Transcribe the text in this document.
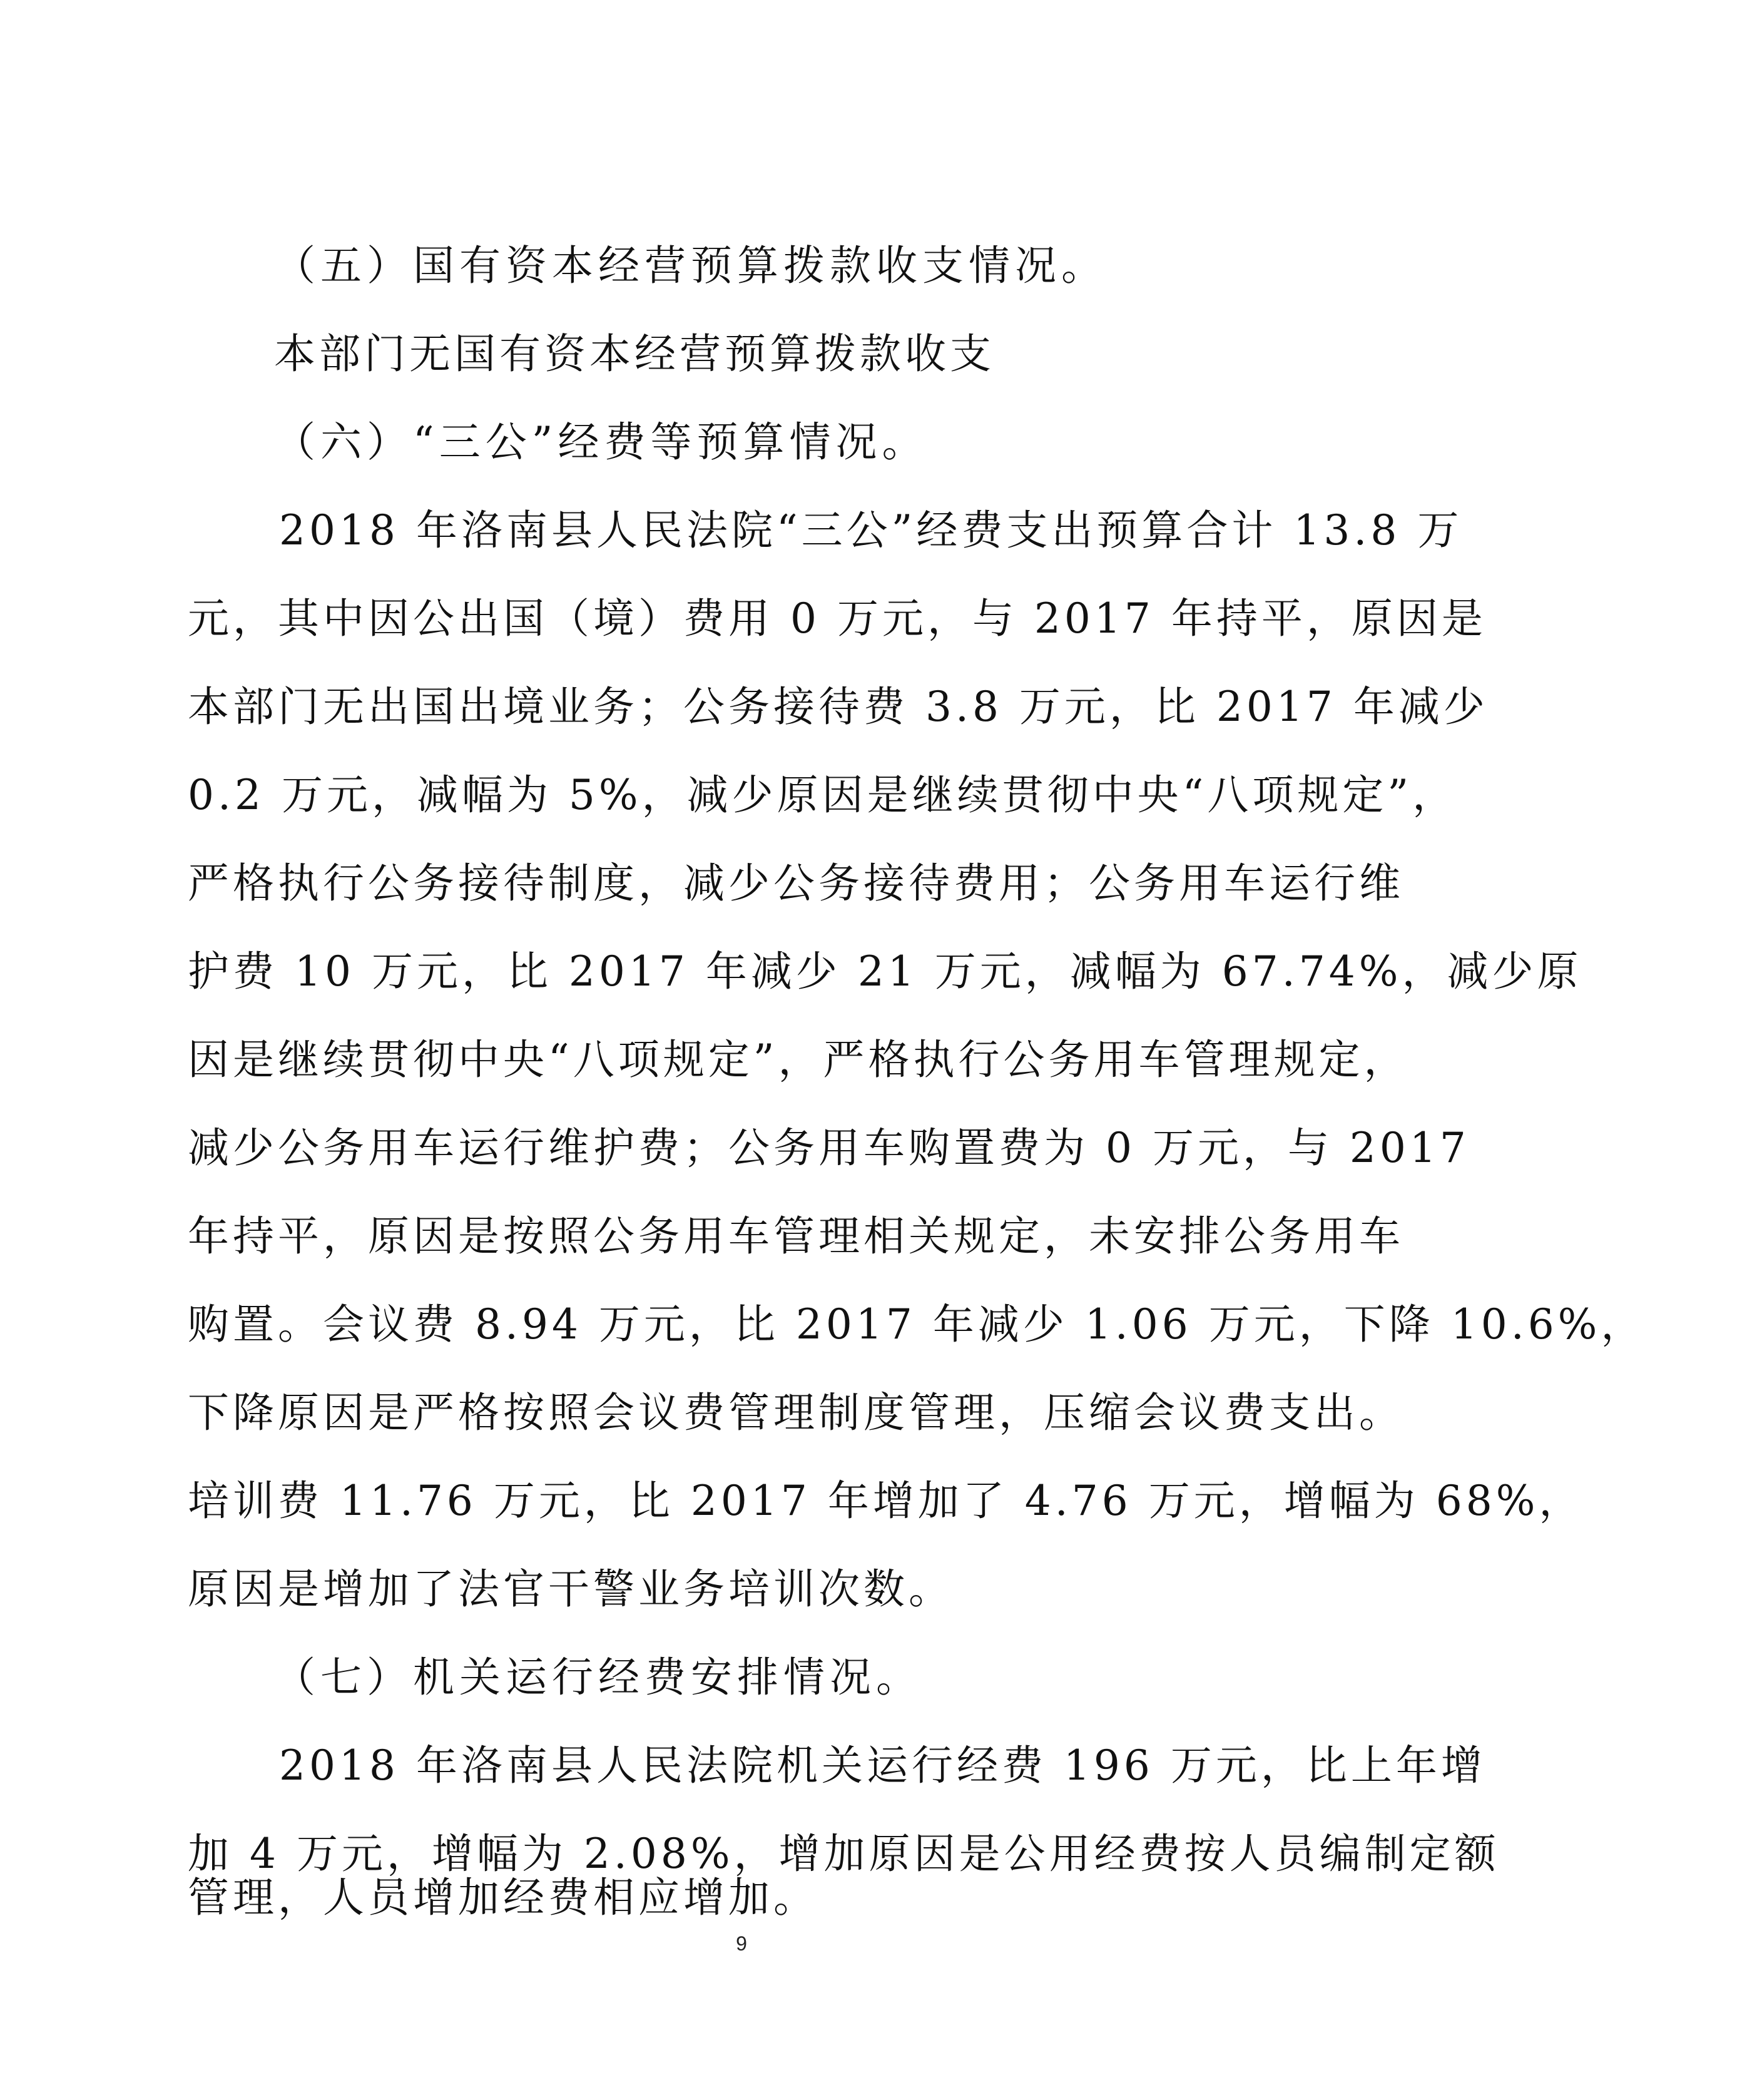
（五）国有资本经营预算拨款收支情况。
本部门无国有资本经营预算拨款收支
（六）“三公”经费等预算情况。
2018 年洛南县人民法院“三公”经费支出预算合计 13.8 万
元，其中因公出国（境）费用 0 万元，与 2017 年持平，原因是
本部门无出国出境业务；公务接待费 3.8 万元，比 2017 年减少
0.2 万元，减幅为 5%，减少原因是继续贯彻中央“八项规定”，
严格执行公务接待制度，减少公务接待费用；公务用车运行维
护费 10 万元，比 2017 年减少 21 万元，减幅为 67.74%，减少原
因是继续贯彻中央“八项规定”，严格执行公务用车管理规定，
减少公务用车运行维护费；公务用车购置费为 0 万元，与 2017
年持平，原因是按照公务用车管理相关规定，未安排公务用车
购置。会议费 8.94 万元，比 2017 年减少 1.06 万元，下降 10.6%，
下降原因是严格按照会议费管理制度管理，压缩会议费支出。
培训费 11.76 万元，比 2017 年增加了 4.76 万元，增幅为 68%，
原因是增加了法官干警业务培训次数。
（七）机关运行经费安排情况。
2018 年洛南县人民法院机关运行经费 196 万元，比上年增
加 4 万元，增幅为 2.08%，增加原因是公用经费按人员编制定额
管理，人员增加经费相应增加。
9
